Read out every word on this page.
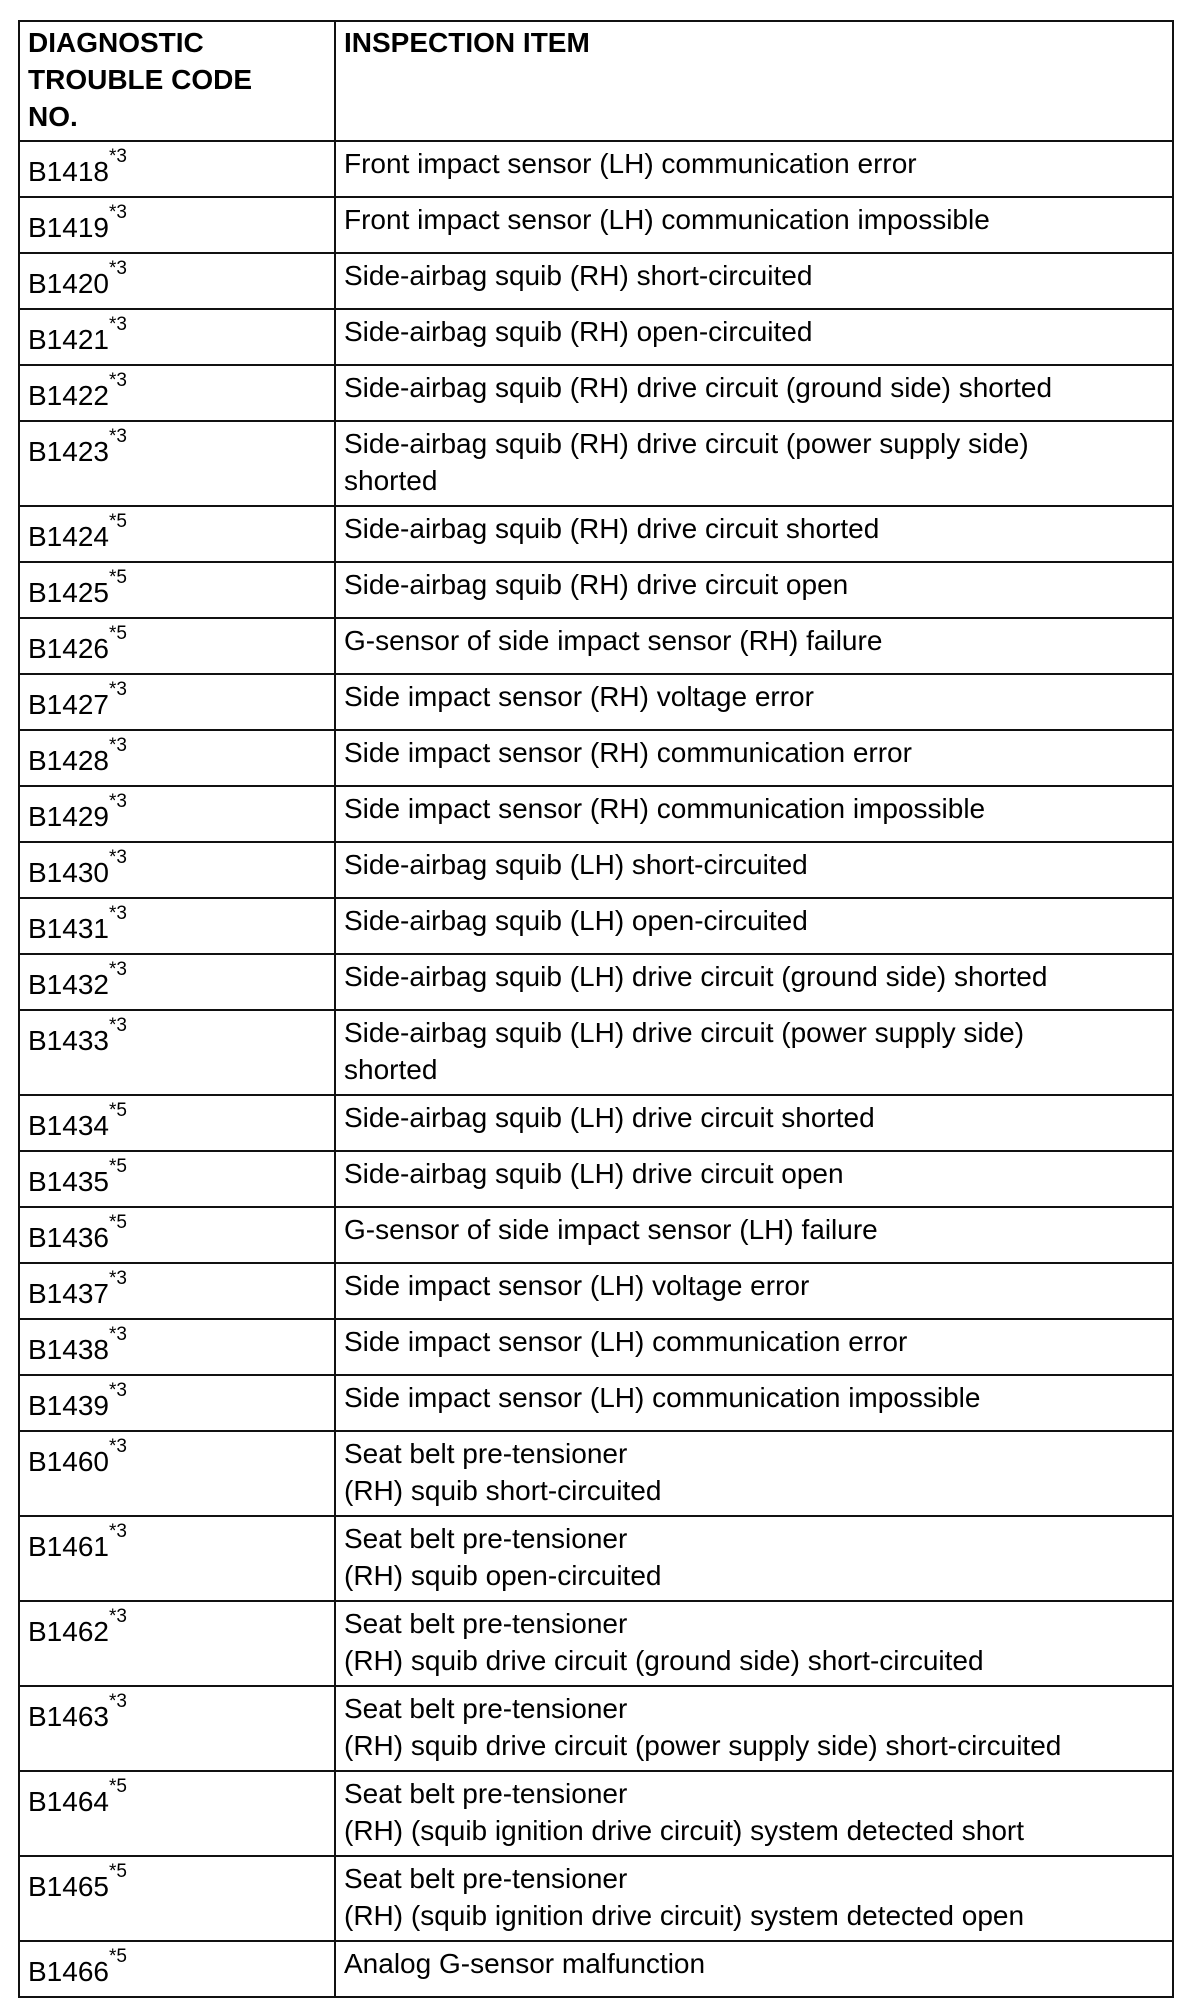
DIAGNOSTIC
TROUBLE CODE
NO.	INSPECTION ITEM

B1418$^{*3}$	Front impact sensor (LH) communication error

B1419$^{*3}$	Front impact sensor (LH) communication impossible

B1420$^{*3}$	Side-airbag squib (RH) short-circuited

B1421$^{*3}$	Side-airbag squib (RH) open-circuited

B1422$^{*3}$	Side-airbag squib (RH) drive circuit (ground side) shorted

B1423$^{*3}$	Side-airbag squib (RH) drive circuit (power supply side)
shorted

B1424$^{*5}$	Side-airbag squib (RH) drive circuit shorted

B1425$^{*5}$	Side-airbag squib (RH) drive circuit open

B1426$^{*5}$	G-sensor of side impact sensor (RH) failure

B1427$^{*3}$	Side impact sensor (RH) voltage error

B1428$^{*3}$	Side impact sensor (RH) communication error

B1429$^{*3}$	Side impact sensor (RH) communication impossible

B1430$^{*3}$	Side-airbag squib (LH) short-circuited

B1431$^{*3}$	Side-airbag squib (LH) open-circuited

B1432$^{*3}$	Side-airbag squib (LH) drive circuit (ground side) shorted

B1433$^{*3}$	Side-airbag squib (LH) drive circuit (power supply side)
shorted

B1434$^{*5}$	Side-airbag squib (LH) drive circuit shorted

B1435$^{*5}$	Side-airbag squib (LH) drive circuit open

B1436$^{*5}$	G-sensor of side impact sensor (LH) failure

B1437$^{*3}$	Side impact sensor (LH) voltage error

B1438$^{*3}$	Side impact sensor (LH) communication error

B1439$^{*3}$	Side impact sensor (LH) communication impossible

B1460$^{*3}$	Seat belt pre-tensioner
(RH) squib short-circuited

B1461$^{*3}$	Seat belt pre-tensioner
(RH) squib open-circuited

B1462$^{*3}$	Seat belt pre-tensioner
(RH) squib drive circuit (ground side) short-circuited

B1463$^{*3}$	Seat belt pre-tensioner
(RH) squib drive circuit (power supply side) short-circuited

B1464$^{*5}$	Seat belt pre-tensioner
(RH) (squib ignition drive circuit) system detected short

B1465$^{*5}$	Seat belt pre-tensioner
(RH) (squib ignition drive circuit) system detected open

B1466$^{*5}$	Analog G-sensor malfunction
